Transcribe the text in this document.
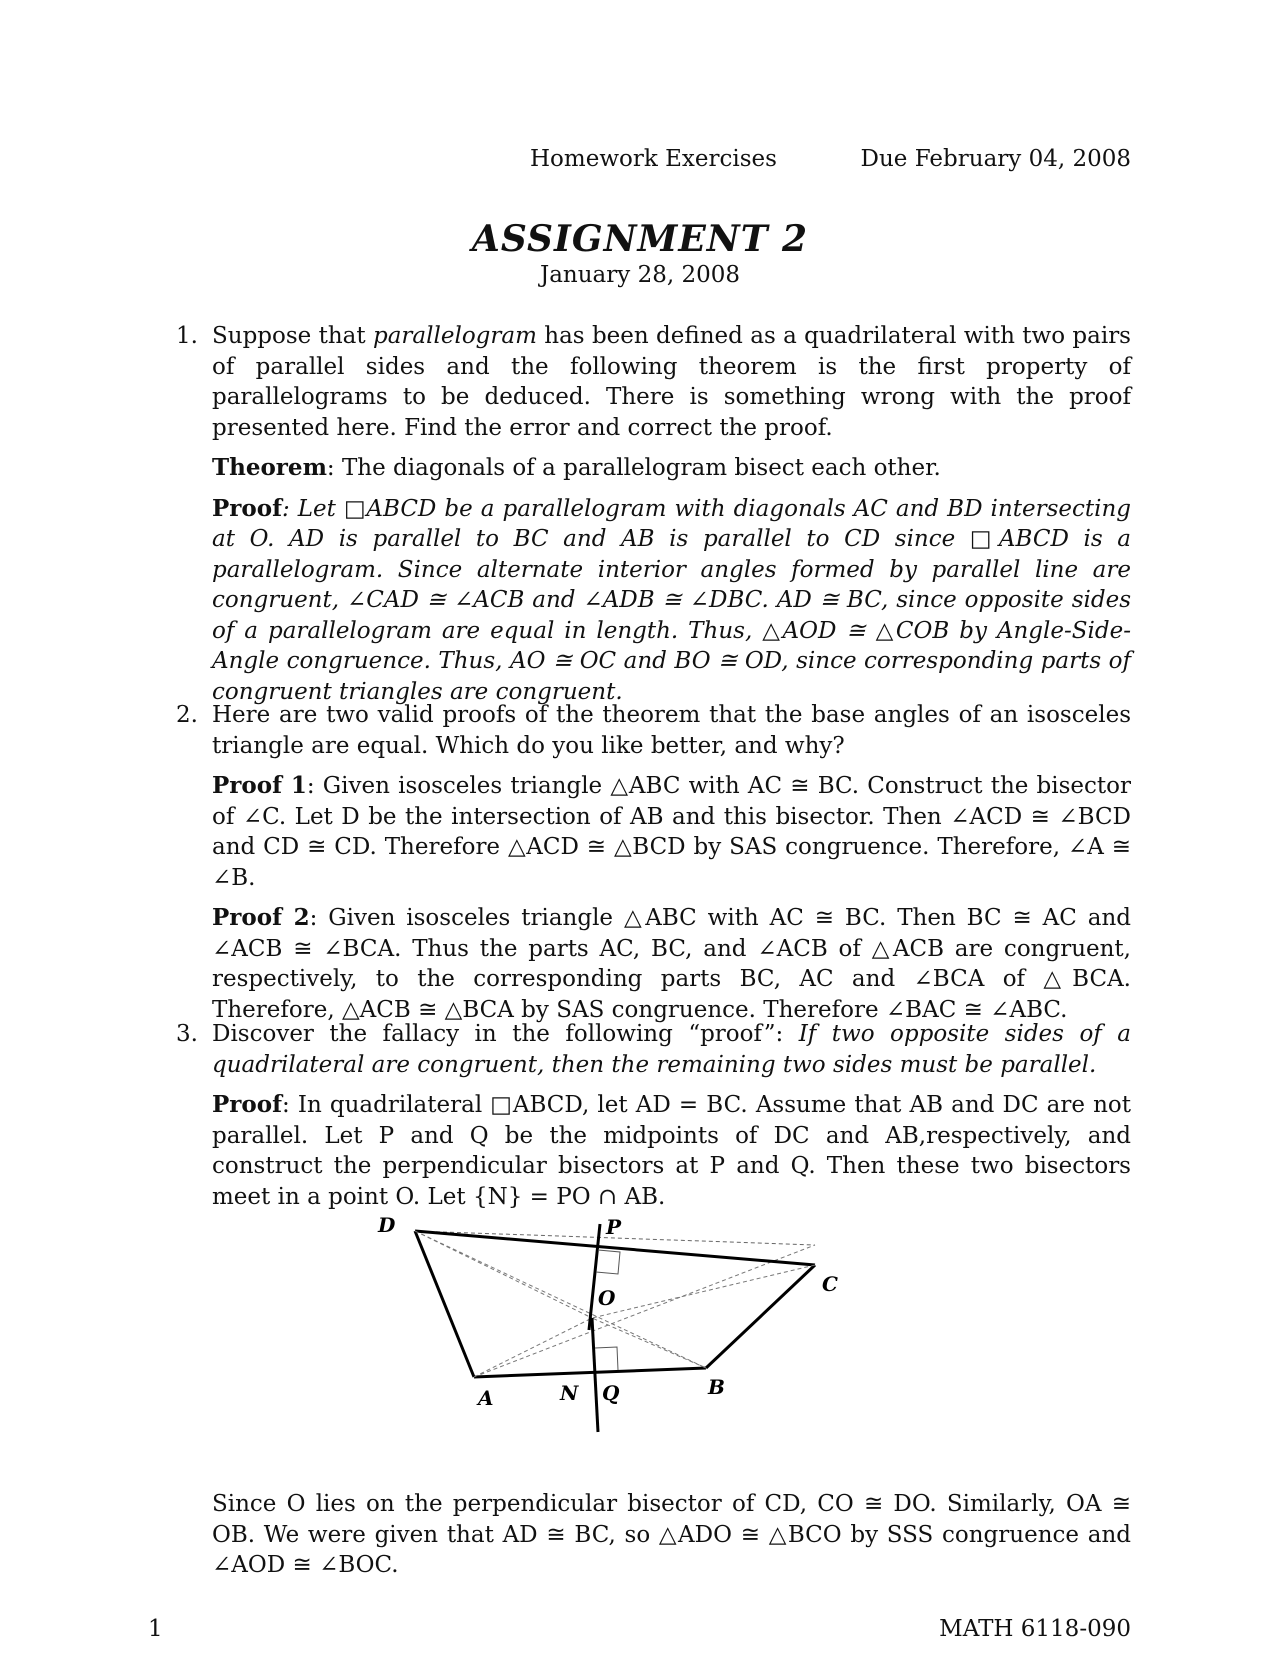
Homework Exercises	Due February 04, 2008
ASSIGNMENT 2
January 28, 2008
1. Suppose that parallelogram has been defined as a quadrilateral with two pairs of parallel sides and the following theorem is the first property of parallelograms to be deduced. There is something wrong with the proof presented here. Find the error and correct the proof.

Theorem: The diagonals of a parallelogram bisect each other.

Proof: Let □ABCD be a parallelogram with diagonals AC and BD intersecting at O. AD is parallel to BC and AB is parallel to CD since □ABCD is a parallelogram. Since alternate interior angles formed by parallel line are congruent, ∠CAD ≅ ∠ACB and ∠ADB ≅ ∠DBC. AD ≅ BC, since opposite sides of a parallelogram are equal in length. Thus, △AOD ≅ △COB by Angle-Side-Angle congruence. Thus, AO ≅ OC and BO ≅ OD, since corresponding parts of congruent triangles are congruent.

2. Here are two valid proofs of the theorem that the base angles of an isosceles triangle are equal. Which do you like better, and why?

Proof 1: Given isosceles triangle △ABC with AC ≅ BC. Construct the bisector of ∠C. Let D be the intersection of AB and this bisector. Then ∠ACD ≅ ∠BCD and CD ≅ CD. Therefore △ACD ≅ △BCD by SAS congruence. Therefore, ∠A ≅ ∠B.

Proof 2: Given isosceles triangle △ABC with AC ≅ BC. Then BC ≅ AC and ∠ACB ≅ ∠BCA. Thus the parts AC, BC, and ∠ACB of △ACB are congruent, respectively, to the corresponding parts BC, AC and ∠BCA of △BCA. Therefore, △ACB ≅ △BCA by SAS congruence. Therefore ∠BAC ≅ ∠ABC.

3. Discover the fallacy in the following “proof”: If two opposite sides of a quadrilateral are congruent, then the remaining two sides must be parallel.

Proof: In quadrilateral □ABCD, let AD = BC. Assume that AB and DC are not parallel. Let P and Q be the midpoints of DC and AB,respectively, and construct the perpendicular bisectors at P and Q. Then these two bisectors meet in a point O. Let {N} = PO ∩ AB.

D	P
C
O
A	N Q	B

Since O lies on the perpendicular bisector of CD, CO ≅ DO. Similarly, OA ≅ OB. We were given that AD ≅ BC, so △ADO ≅ △BCO by SSS congruence and ∠AOD ≅ ∠BOC.

1	MATH 6118-090
